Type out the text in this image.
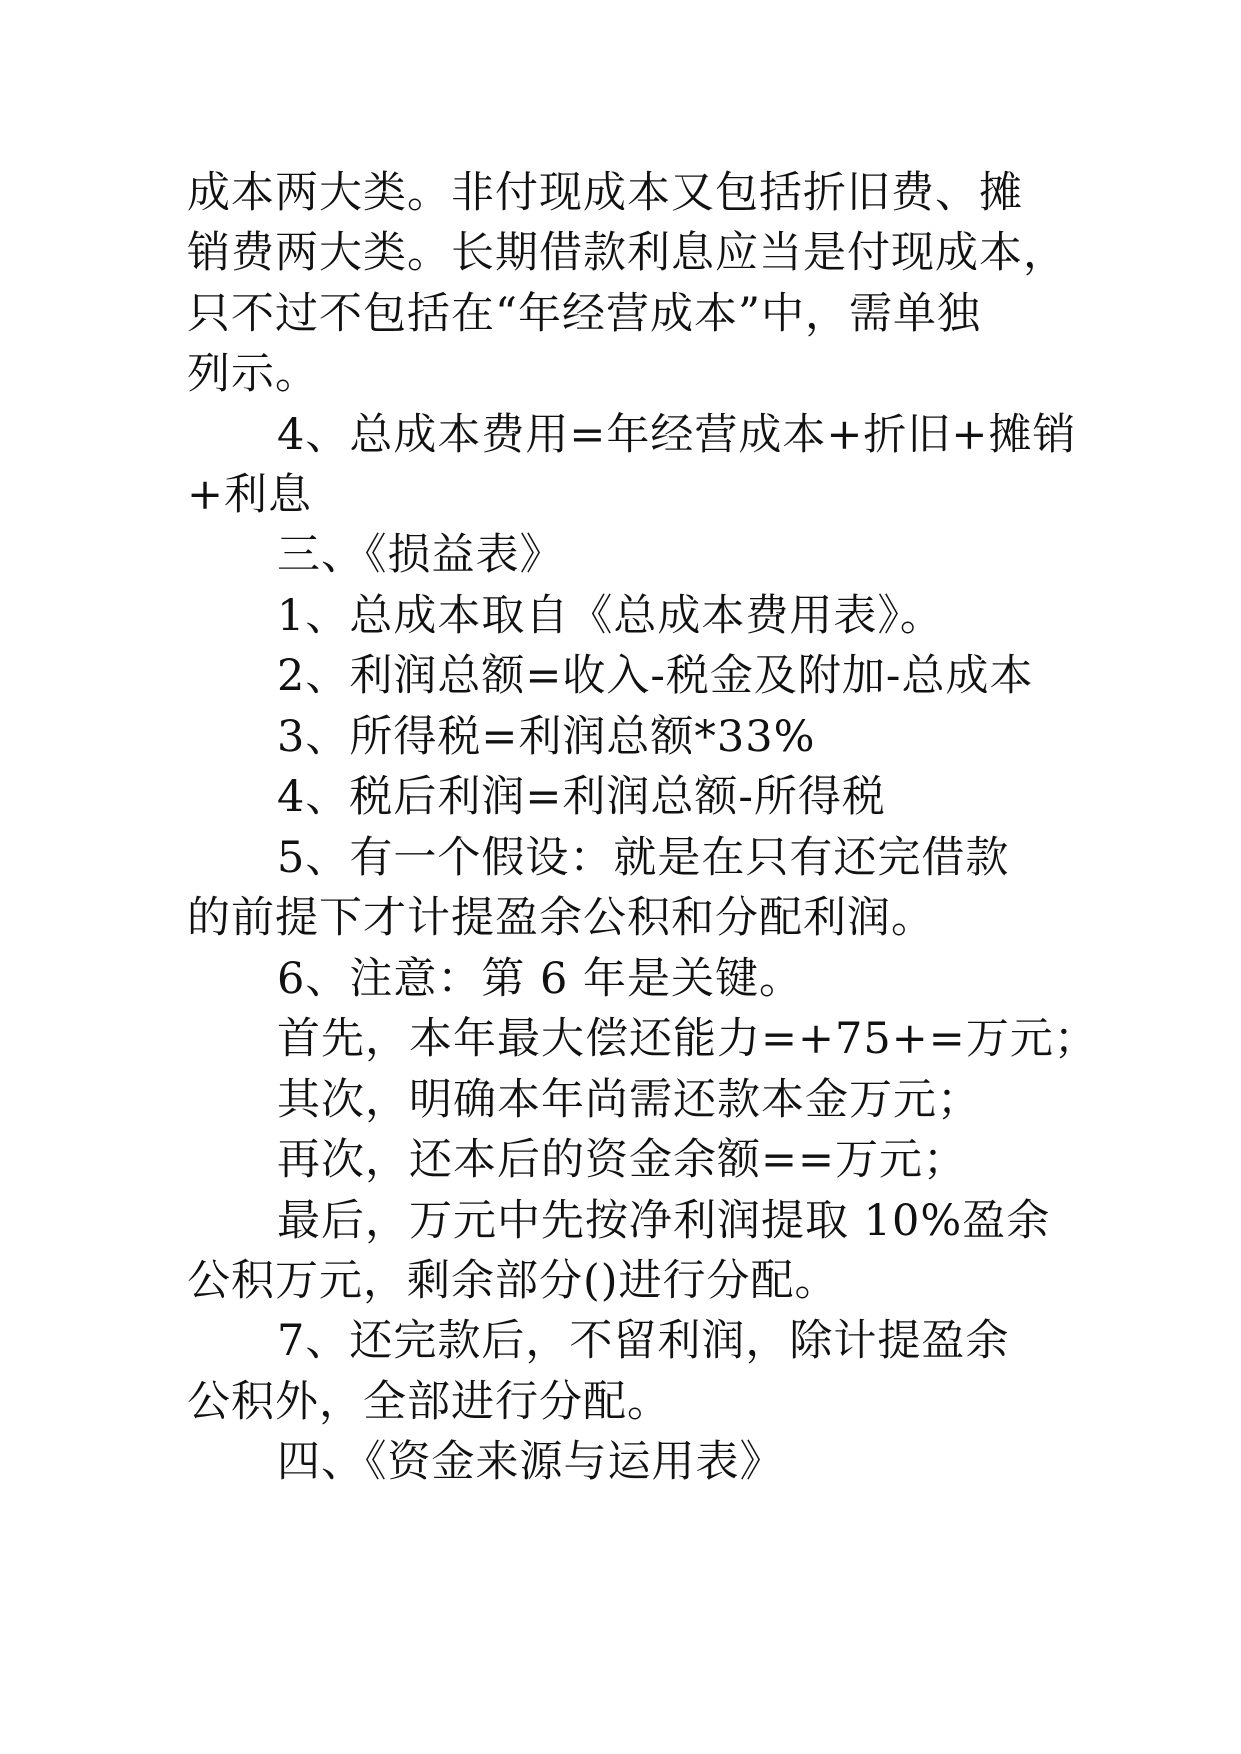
成本两大类。非付现成本又包括折旧费、摊
销费两大类。长期借款利息应当是付现成本，
只不过不包括在“年经营成本”中，需单独
列示。
4、总成本费用=年经营成本+折旧+摊销
+利息
三、《损益表》
1、总成本取自《总成本费用表》。
2、利润总额=收入-税金及附加-总成本
3、所得税=利润总额*33%
4、税后利润=利润总额-所得税
5、有一个假设：就是在只有还完借款
的前提下才计提盈余公积和分配利润。
6、注意：第 6 年是关键。
首先，本年最大偿还能力=+75+=万元；
其次，明确本年尚需还款本金万元；
再次，还本后的资金余额==万元；
最后，万元中先按净利润提取 10%盈余
公积万元，剩余部分()进行分配。
7、还完款后，不留利润，除计提盈余
公积外，全部进行分配。
四、《资金来源与运用表》
